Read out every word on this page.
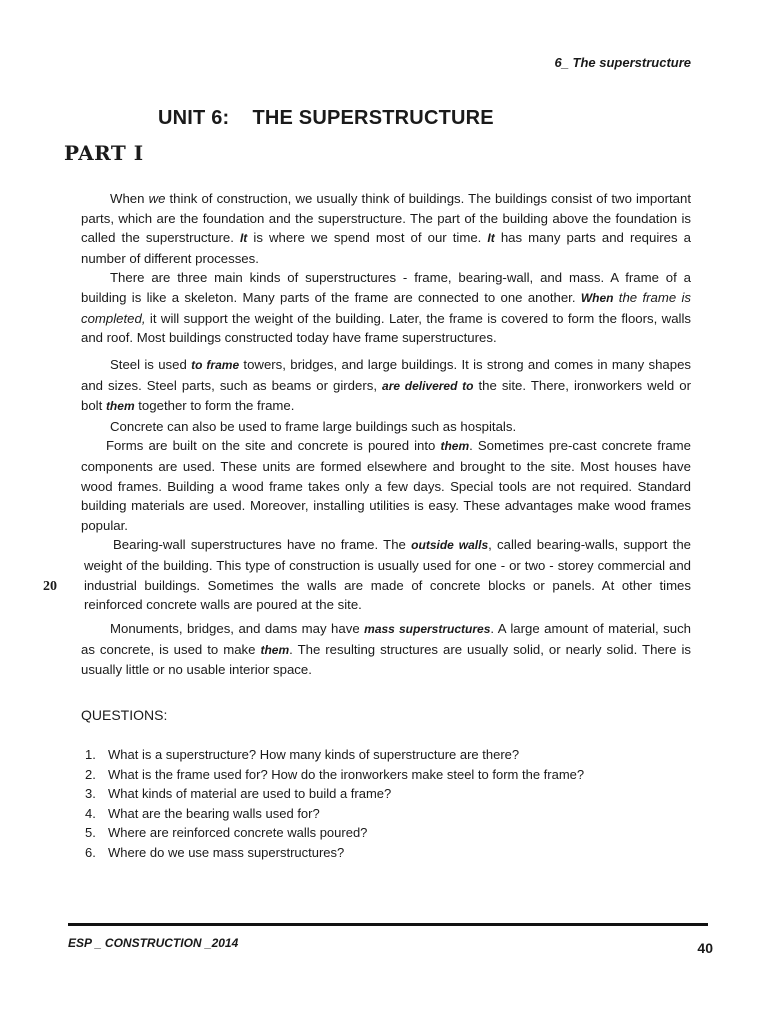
6_ The superstructure
UNIT 6: THE SUPERSTRUCTURE
PART I

When we think of construction, we usually think of buildings. The buildings consist of two important parts, which are the foundation and the superstructure. The part of the building above the foundation is called the superstructure. It is where we spend most of our time. It has many parts and requires a number of different processes.

There are three main kinds of superstructures - frame, bearing-wall, and mass. A frame of a building is like a skeleton. Many parts of the frame are connected to one another. When the frame is completed, it will support the weight of the building. Later, the frame is covered to form the floors, walls and roof. Most buildings constructed today have frame superstructures.

Steel is used to frame towers, bridges, and large buildings. It is strong and comes in many shapes and sizes. Steel parts, such as beams or girders, are delivered to the site. There, ironworkers weld or bolt them together to form the frame.

Concrete can also be used to frame large buildings such as hospitals.

Forms are built on the site and concrete is poured into them. Sometimes pre-cast concrete frame components are used. These units are formed elsewhere and brought to the site. Most houses have wood frames. Building a wood frame takes only a few days. Special tools are not required. Standard building materials are used. Moreover, installing utilities is easy. These advantages make wood frames popular.

Bearing-wall superstructures have no frame. The outside walls, called bearing-walls, support the weight of the building. This type of construction is usually used for one - or two - storey commercial and industrial buildings. Sometimes the walls are made of concrete blocks or panels. At other times reinforced concrete walls are poured at the site.

Monuments, bridges, and dams may have mass superstructures. A large amount of material, such as concrete, is used to make them. The resulting structures are usually solid, or nearly solid. There is usually little or no usable interior space.

20
QUESTIONS:
1. What is a superstructure? How many kinds of superstructure are there?
2. What is the frame used for? How do the ironworkers make steel to form the frame?
3. What kinds of material are used to build a frame?
4. What are the bearing walls used for?
5. Where are reinforced concrete walls poured?
6. Where do we use mass superstructures?
ESP _ CONSTRUCTION _2014	40
